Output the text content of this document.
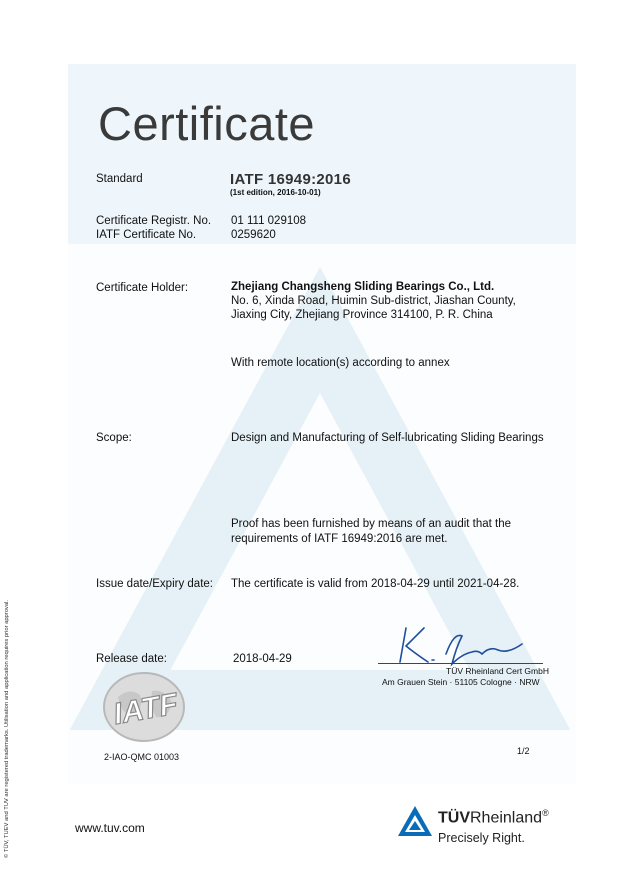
Certificate
Standard	IATF 16949:2016
(1st edition, 2016-10-01)
Certificate Registr. No. 01 111 029108
IATF Certificate No.	0259620
Certificate Holder:	Zhejiang Changsheng Sliding Bearings Co., Ltd.
No. 6, Xinda Road, Huimin Sub-district, Jiashan County,
Jiaxing City, Zhejiang Province 314100, P. R. China
With remote location(s) according to annex
Scope:	Design and Manufacturing of Self-lubricating Sliding Bearings
Proof has been furnished by means of an audit that the
requirements of IATF 16949:2016 are met.
Issue date/Expiry date: The certificate is valid from 2018-04-29 until 2021-04-28.
Release date:	2018-04-29
TÜV Rheinland Cert GmbH
Am Grauen Stein · 51105 Cologne · NRW
IATF
2-IAO-QMC 01003
1/2
www.tuv.com
TÜVRheinland®
Precisely Right.
© TÜV, TUEV and TUV are registered trademarks. Utilisation and application requires prior approval.
